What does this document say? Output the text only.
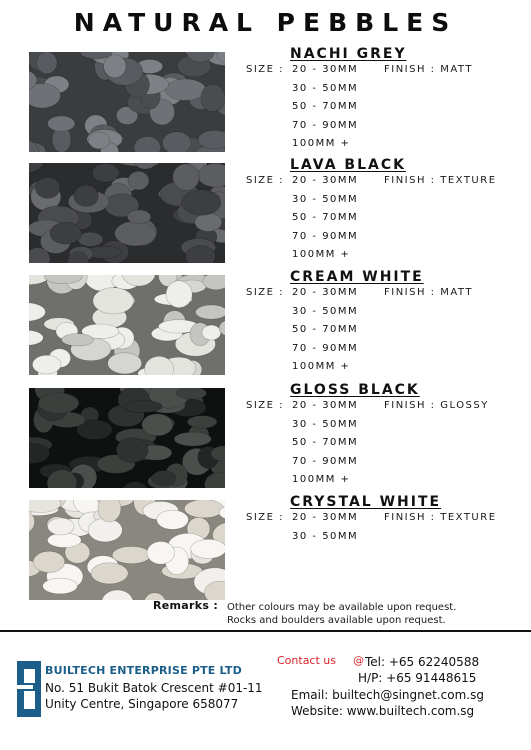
NATURAL PEBBLES
NACHI GREY
SIZE : 20 - 30MM
30 - 50MM
50 - 70MM
70 - 90MM
100MM +
FINISH : MATT
LAVA BLACK
SIZE : 20 - 30MM
30 - 50MM
50 - 70MM
70 - 90MM
100MM +
FINISH : TEXTURE
CREAM WHITE
SIZE : 20 - 30MM
30 - 50MM
50 - 70MM
70 - 90MM
100MM +
FINISH : MATT
GLOSS BLACK
SIZE : 20 - 30MM
30 - 50MM
50 - 70MM
70 - 90MM
100MM +
FINISH : GLOSSY
CRYSTAL WHITE
SIZE : 20 - 30MM
30 - 50MM
FINISH : TEXTURE
Remarks : Other colours may be available upon request.
Rocks and boulders available upon request.
BUILTECH ENTERPRISE PTE LTD
No. 51 Bukit Batok Crescent #01-11
Unity Centre, Singapore 658077
Contact us @ Tel: +65 62240588
H/P: +65 91448615
Email: builtech@singnet.com.sg
Website: www.builtech.com.sg
